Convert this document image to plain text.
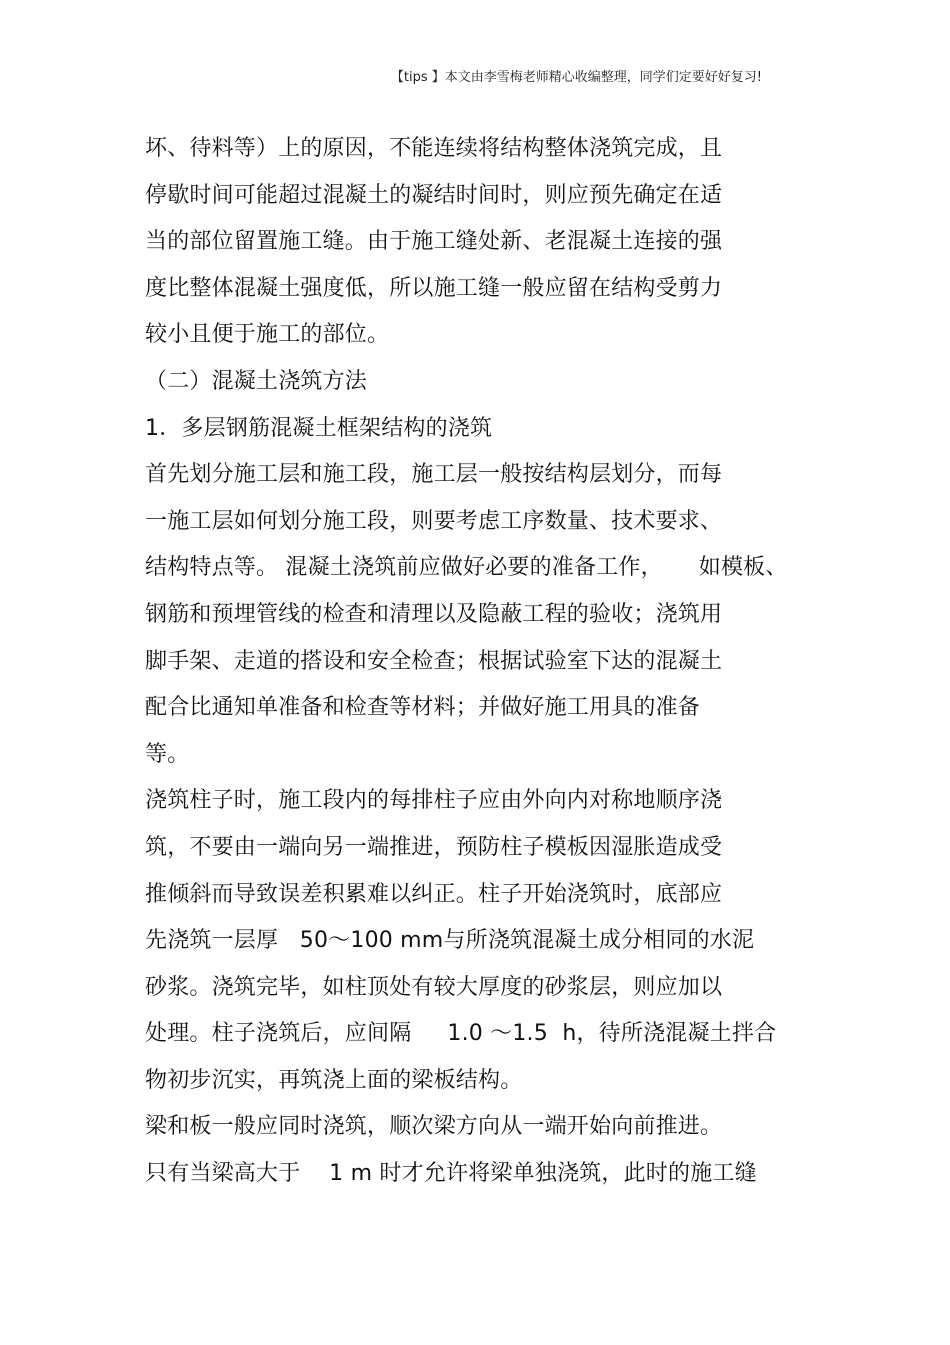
【tips 】本文由李雪梅老师精心收编整理，同学们定要好好复习!
坏、待料等）上的原因，不能连续将结构整体浇筑完成，且
停歇时间可能超过混凝土的凝结时间时，则应预先确定在适
当的部位留置施工缝。由于施工缝处新、老混凝土连接的强
度比整体混凝土强度低，所以施工缝一般应留在结构受剪力
较小且便于施工的部位。
（二）混凝土浇筑方法
1．多层钢筋混凝土框架结构的浇筑
首先划分施工层和施工段，施工层一般按结构层划分，而每
一施工层如何划分施工段，则要考虑工序数量、技术要求、
结构特点等。 混凝土浇筑前应做好必要的准备工作，     如模板、
钢筋和预埋管线的检查和清理以及隐蔽工程的验收；浇筑用
脚手架、走道的搭设和安全检查；根据试验室下达的混凝土
配合比通知单准备和检查等材料；并做好施工用具的准备
等。
浇筑柱子时，施工段内的每排柱子应由外向内对称地顺序浇
筑，不要由一端向另一端推进，预防柱子模板因湿胀造成受
推倾斜而导致误差积累难以纠正。柱子开始浇筑时，底部应
先浇筑一层厚   50～100 mm与所浇筑混凝土成分相同的水泥
砂浆。浇筑完毕，如柱顶处有较大厚度的砂浆层，则应加以
处理。柱子浇筑后，应间隔     1.0 ～1.5  h，待所浇混凝土拌合
物初步沉实，再筑浇上面的梁板结构。
梁和板一般应同时浇筑，顺次梁方向从一端开始向前推进。
只有当梁高大于    1 m 时才允许将梁单独浇筑，此时的施工缝
